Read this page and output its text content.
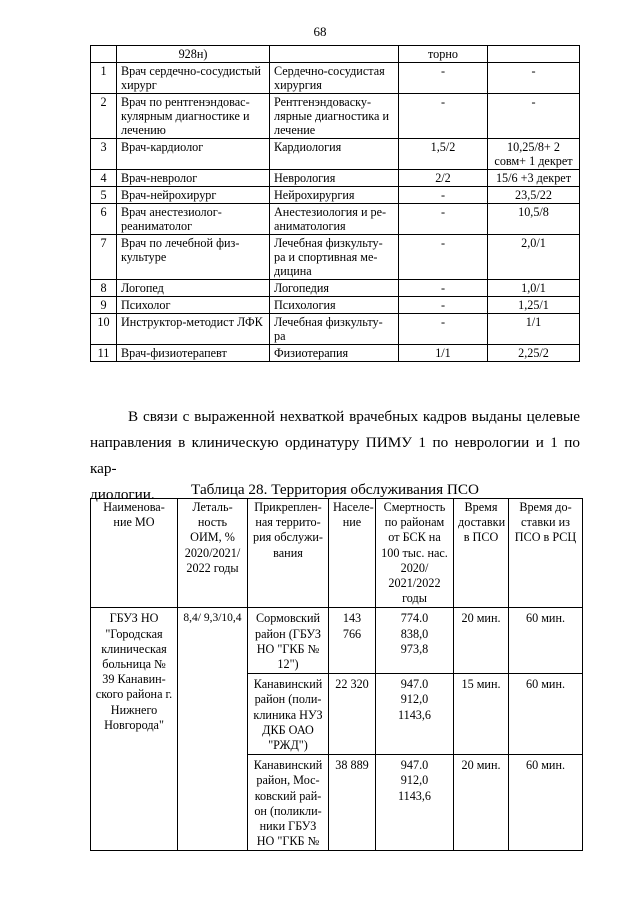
68
	928н)		торно	
1	Врач сердечно-сосудистый хирург	Сердечно-сосудистая хирургия	-	-
2	Врач по рентгенэндовас-кулярным диагностике и лечению	Рентгенэндоваску-лярные диагностика и лечение	-	-
3	Врач-кардиолог	Кардиология	1,5/2	10,25/8+ 2 совм+ 1 декрет
4	Врач-невролог	Неврология	2/2	15/6 +3 декрет
5	Врач-нейрохирург	Нейрохирургия	-	23,5/22
6	Врач анестезиолог-реаниматолог	Анестезиология и ре-аниматология	-	10,5/8
7	Врач по лечебной физ-культуре	Лечебная физкульту-ра и спортивная ме-дицина	-	2,0/1
8	Логопед	Логопедия	-	1,0/1
9	Психолог	Психология	-	1,25/1
10	Инструктор-методист ЛФК	Лечебная физкульту-ра	-	1/1
11	Врач-физиотерапевт	Физиотерапия	1/1	2,25/2
В связи с выраженной нехваткой врачебных кадров выданы целевые
направления в клиническую ординатуру ПИМУ 1 по неврологии и 1 по кар-
диологии.	Таблица 28. Территория обслуживания ПСО
Наименова-ние МО	Леталь-ность ОИМ, % 2020/2021/ 2022 годы	Прикреплен-ная террито-рия обслужи-вания	Населе-ние	Смертность по районам от БСК на 100 тыс. нас. 2020/ 2021/2022 годы	Время доставки в ПСО	Время до-ставки из ПСО в РСЦ
ГБУЗ НО "Городская клиническая больница № 39 Канавин-ского района г. Нижнего Новгорода"	8,4/ 9,3/10,4	Сормовский район (ГБУЗ НО "ГКБ № 12")	143 766	774.0
838,0
973,8	20 мин.	60 мин.
		Канавинский район (поли-клиника НУЗ ДКБ ОАО "РЖД")	22 320	947.0
912,0
1143,6	15 мин.	60 мин.
		Канавинский район, Мос-ковский рай-он (поликли-ники ГБУЗ НО "ГКБ №	38 889	947.0
912,0
1143,6	20 мин.	60 мин.
